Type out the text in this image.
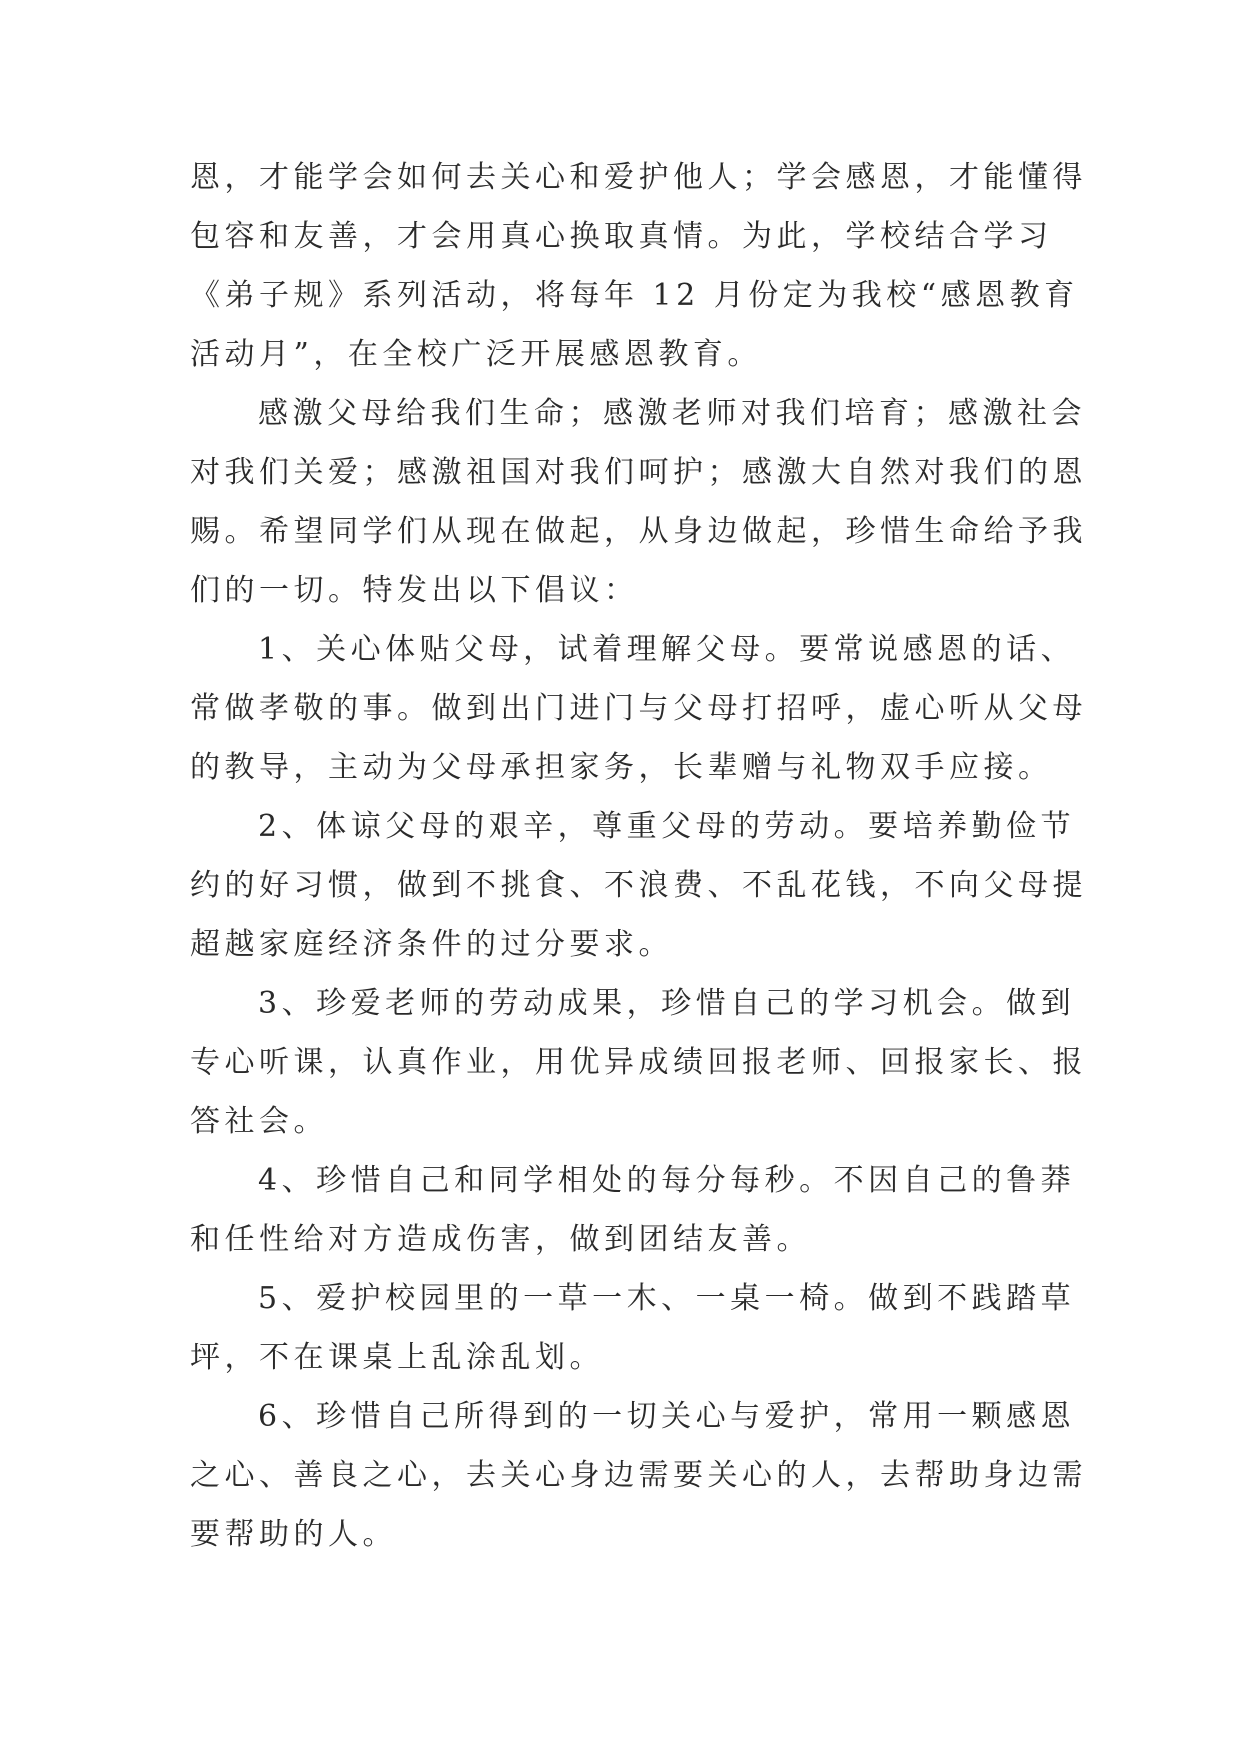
恩，才能学会如何去关心和爱护他人；学会感恩，才能懂得
包容和友善，才会用真心换取真情。为此，学校结合学习
《弟子规》系列活动，将每年 12 月份定为我校“感恩教育
活动月”，在全校广泛开展感恩教育。
感激父母给我们生命；感激老师对我们培育；感激社会
对我们关爱；感激祖国对我们呵护；感激大自然对我们的恩
赐。希望同学们从现在做起，从身边做起，珍惜生命给予我
们的一切。特发出以下倡议：
1、关心体贴父母，试着理解父母。要常说感恩的话、
常做孝敬的事。做到出门进门与父母打招呼，虚心听从父母
的教导，主动为父母承担家务，长辈赠与礼物双手应接。
2、体谅父母的艰辛，尊重父母的劳动。要培养勤俭节
约的好习惯，做到不挑食、不浪费、不乱花钱，不向父母提
超越家庭经济条件的过分要求。
3、珍爱老师的劳动成果，珍惜自己的学习机会。做到
专心听课，认真作业，用优异成绩回报老师、回报家长、报
答社会。
4、珍惜自己和同学相处的每分每秒。不因自己的鲁莽
和任性给对方造成伤害，做到团结友善。
5、爱护校园里的一草一木、一桌一椅。做到不践踏草
坪，不在课桌上乱涂乱划。
6、珍惜自己所得到的一切关心与爱护，常用一颗感恩
之心、善良之心，去关心身边需要关心的人，去帮助身边需
要帮助的人。
